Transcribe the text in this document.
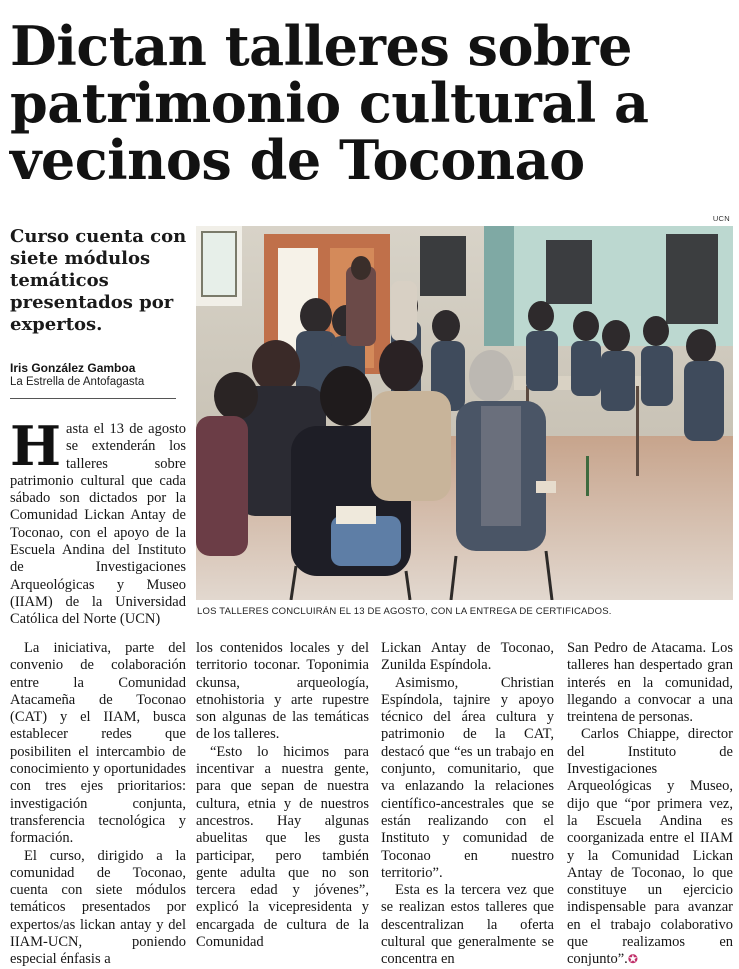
Dictan talleres sobre
patrimonio cultural a
vecinos de Toconao
Curso cuenta con siete módulos temáticos presentados por expertos.
Iris González Gamboa
La Estrella de Antofagasta
UCN
LOS TALLERES CONCLUIRÁN EL 13 DE AGOSTO, CON LA ENTREGA DE CERTIFICADOS.

Hasta el 13 de agosto se extenderán los talleres sobre patrimonio cultural que cada sábado son dictados por la Comunidad Lickan Antay de Toconao, con el apoyo de la Escuela Andina del Instituto de Investigaciones Arqueológicas y Museo (IIAM) de la Universidad Católica del Norte (UCN)

La iniciativa, parte del convenio de colaboración entre la Comunidad Atacameña de Toconao (CAT) y el IIAM, busca establecer redes que posibiliten el intercambio de conocimiento y oportunidades con tres ejes prioritarios: investigación conjunta, transferencia tecnológica y formación.

El curso, dirigido a la comunidad de Toconao, cuenta con siete módulos temáticos presentados por expertos/as lickan antay y del IIAM-UCN, poniendo especial énfasis a

los contenidos locales y del territorio toconar. Toponimia ckunsa, arqueología, etnohistoria y arte rupestre son algunas de las temáticas de los talleres.

“Esto lo hicimos para incentivar a nuestra gente, para que sepan de nuestra cultura, etnia y de nuestros ancestros. Hay algunas abuelitas que les gusta participar, pero también gente adulta que no son tercera edad y jóvenes”, explicó la vicepresidenta y encargada de cultura de la Comunidad

Lickan Antay de Toconao, Zunilda Espíndola.

Asimismo, Christian Espíndola, tajnire y apoyo técnico del área cultura y patrimonio de la CAT, destacó que “es un trabajo en conjunto, comunitario, que va enlazando la relaciones científico-ancestrales que se están realizando con el Instituto y comunidad de Toconao en nuestro territorio”.

Esta es la tercera vez que se realizan estos talleres que descentralizan la oferta cultural que generalmente se concentra en

San Pedro de Atacama. Los talleres han despertado gran interés en la comunidad, llegando a convocar a una treintena de personas.

Carlos Chiappe, director del Instituto de Investigaciones Arqueológicas y Museo, dijo que “por primera vez, la Escuela Andina es coorganizada entre el IIAM y la Comunidad Lickan Antay de Toconao, lo que constituye un ejercicio indispensable para avanzar en el trabajo colaborativo que realizamos en conjunto”.✪
